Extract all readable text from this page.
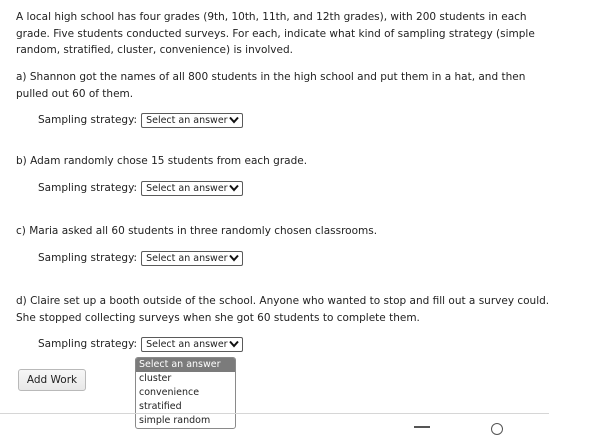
A local high school has four grades (9th, 10th, 11th, and 12th grades), with 200 students in each grade. Five students conducted surveys. For each, indicate what kind of sampling strategy (simple random, stratified, cluster, convenience) is involved.
a) Shannon got the names of all 800 students in the high school and put them in a hat, and then pulled out 60 of them.
Sampling strategy: Select an answer
b) Adam randomly chose 15 students from each grade.
Sampling strategy: Select an answer
c) Maria asked all 60 students in three randomly chosen classrooms.
Sampling strategy: Select an answer
d) Claire set up a booth outside of the school. Anyone who wanted to stop and fill out a survey could. She stopped collecting surveys when she got 60 students to complete them.
Sampling strategy: Select an answer
Add Work
Select an answer
cluster
convenience
stratified
simple random
